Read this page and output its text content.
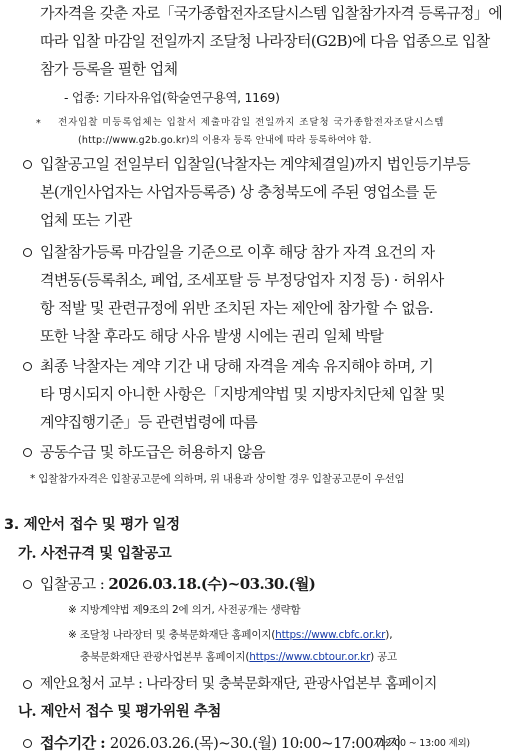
가자격을 갖춘 자로「국가종합전자조달시스템 입찰참가자격 등록규정」에
따라 입찰 마감일 전일까지 조달청 나라장터(G2B)에 다음 업종으로 입찰
참가 등록을 필한 업체
- 업종: 기타자유업(학술연구용역, 1169)
* 전자입찰 미등록업체는 입찰서 제출마감일 전일까지 조달청 국가종합전자조달시스템
(http://www.g2b.go.kr)의 이용자 등록 안내에 따라 등록하여야 함.
입찰공고일 전일부터 입찰일(낙찰자는 계약체결일)까지 법인등기부등
본(개인사업자는 사업자등록증) 상 충청북도에 주된 영업소를 둔
업체 또는 기관
입찰참가등록 마감일을 기준으로 이후 해당 참가 자격 요건의 자
격변동(등록취소, 폐업, 조세포탈 등 부정당업자 지정 등) · 허위사
항 적발 및 관련규정에 위반 조치된 자는 제안에 참가할 수 없음.
또한 낙찰 후라도 해당 사유 발생 시에는 권리 일체 박탈
최종 낙찰자는 계약 기간 내 당해 자격을 계속 유지해야 하며, 기
타 명시되지 아니한 사항은「지방계약법 및 지방자치단체 입찰 및
계약집행기준」등 관련법령에 따름
공동수급 및 하도급은 허용하지 않음
* 입찰참가자격은 입찰공고문에 의하며, 위 내용과 상이할 경우 입찰공고문이 우선임
3. 제안서 접수 및 평가 일정
가. 사전규격 및 입찰공고
입찰공고 : 2026.03.18.(수)~03.30.(월)
※ 지방계약법 제9조의 2에 의거, 사전공개는 생략함
※ 조달청 나라장터 및 충북문화재단 홈페이지(https://www.cbfc.or.kr),
충북문화재단 관광사업본부 홈페이지(https://www.cbtour.or.kr) 공고
제안요청서 교부 : 나라장터 및 충북문화재단, 관광사업본부 홈페이지
나. 제안서 접수 및 평가위원 추첨
접수기간 : 2026.03.26.(목)~30.(월) 10:00~17:00까지
(12:00 ~ 13:00 제외)
